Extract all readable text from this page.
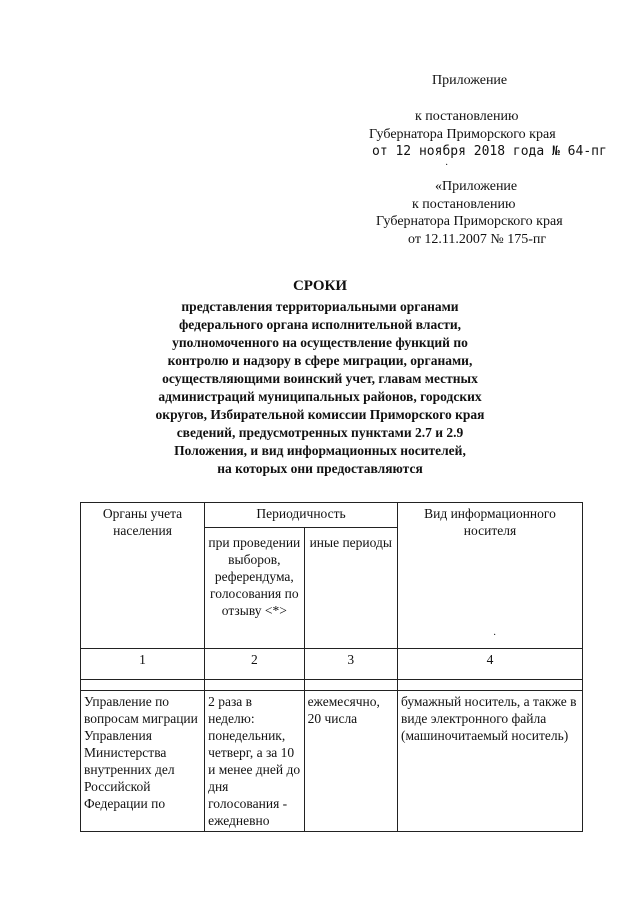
Приложение
к постановлению
Губернатора Приморского края
от 12 ноября 2018 года № 64-пг
·
«Приложение
к постановлению
Губернатора Приморского края
от 12.11.2007 № 175-пг
СРОКИ
представления территориальными органами
федерального органа исполнительной власти,
уполномоченного на осуществление функций по
контролю и надзору в сфере миграции, органами,
осуществляющими воинский учет, главам местных
администраций муниципальных районов, городских
округов, Избирательной комиссии Приморского края
сведений, предусмотренных пунктами 2.7 и 2.9
Положения, и вид информационных носителей,
на которых они предоставляются
Органы учета населения	Периодичность		Вид информационного носителя
	при проведении выборов, референдума, голосования по отзыву <*>	иные периоды	
1	2	3	4

Управление по вопросам миграции Управления Министерства внутренних дел Российской Федерации по	2 раза в неделю: понедельник, четверг, а за 10 и менее дней до дня голосования - ежедневно	ежемесячно, 20 числа	бумажный носитель, а также в виде электронного файла (машиночитаемый носитель)
·
